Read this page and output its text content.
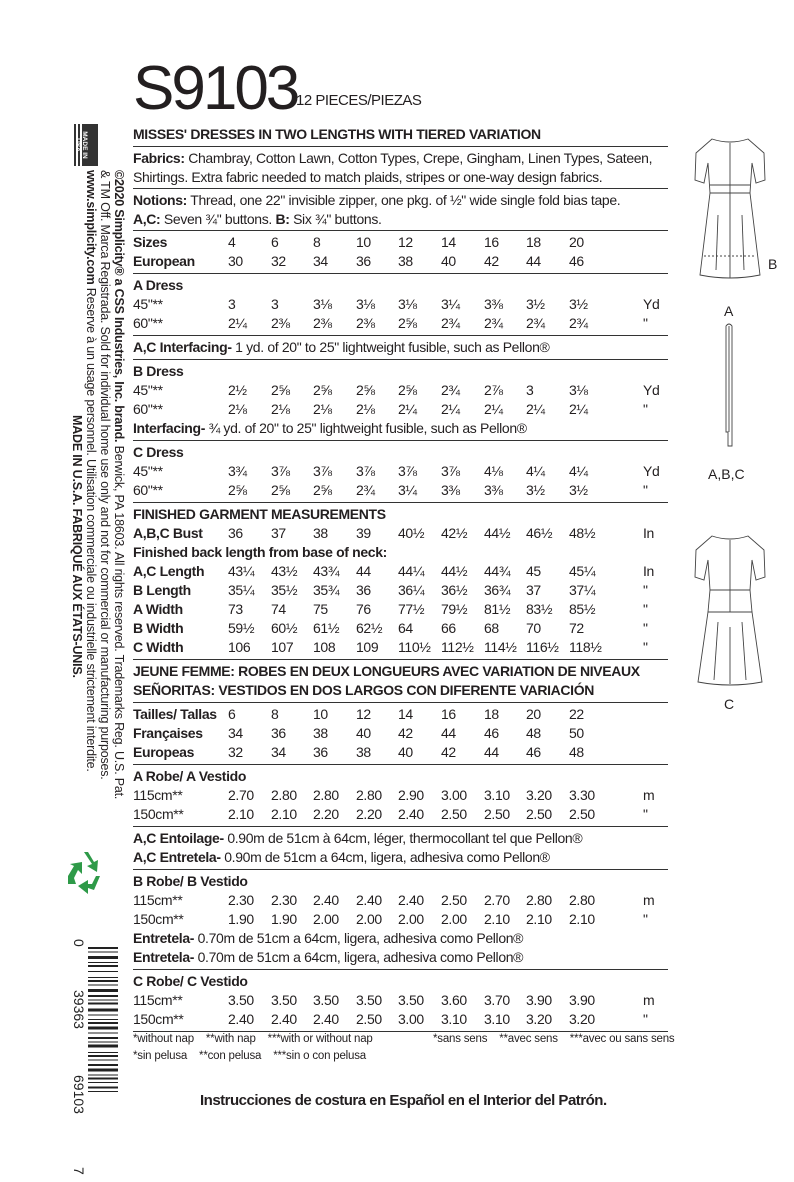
S9103
12 PIECES/PIEZAS
MISSES' DRESSES IN TWO LENGTHS WITH TIERED VARIATION
Fabrics: Chambray, Cotton Lawn, Cotton Types, Crepe, Gingham, Linen Types, Sateen, Shirtings. Extra fabric needed to match plaids, stripes or one-way design fabrics.
Notions: Thread, one 22" invisible zipper, one pkg. of ½" wide single fold bias tape.
A,C: Seven ¾" buttons. B: Six ¾" buttons.
Sizes	4	6	8	10	12	14	16	18	20
European 30	32	34	36	38	40	42	44	46
A Dress
45"**	3	3	3⅛	3⅛	3⅛	3¼	3⅜	3½	3½	Yd
60"**	2¼	2⅜	2⅜	2⅜	2⅝	2¾	2¾	2¾	2¾	"
A,C Interfacing- 1 yd. of 20" to 25" lightweight fusible, such as Pellon®
B Dress
45"**	2½	2⅝	2⅝	2⅝	2⅝	2¾	2⅞	3	3⅛	Yd
60"**	2⅛	2⅛	2⅛	2⅛	2¼	2¼	2¼	2¼	2¼	"
Interfacing- ¾ yd. of 20" to 25" lightweight fusible, such as Pellon®
C Dress
45"**	3¾	3⅞	3⅞	3⅞	3⅞	3⅞	4⅛	4¼	4¼	Yd
60"**	2⅝	2⅝	2⅝	2¾	3¼	3⅜	3⅜	3½	3½	"
FINISHED GARMENT MEASUREMENTS
A,B,C Bust 36	37	38	39	40½	42½	44½	46½	48½	In
Finished back length from base of neck:
A,C Length 43¼	43½	43¾	44	44¼	44½	44¾	45	45¼	In
B Length	35¼	35½	35¾	36	36¼	36½	36¾	37	37¼	"
A Width	73	74	75	76	77½	79½	81½	83½	85½	"
B Width	59½	60½	61½	62½	64	66	68	70	72	"
C Width	106	107	108	109	110½ 112½ 114½ 116½ 118½	"
JEUNE FEMME: ROBES EN DEUX LONGUEURS AVEC VARIATION DE NIVEAUX
SEÑORITAS: VESTIDOS EN DOS LARGOS CON DIFERENTE VARIACIÓN
Tailles/ Tallas 6	8	10	12	14	16	18	20	22
Françaises 34	36	38	40	42	44	46	48	50
Europeas 32	34	36	38	40	42	44	46	48
A Robe/ A Vestido
115cm**	2.70	2.80	2.80	2.80	2.90	3.00	3.10	3.20	3.30	m
150cm**	2.10	2.10	2.20	2.20	2.40	2.50	2.50	2.50	2.50	"
A,C Entoilage- 0.90m de 51cm à 64cm, léger, thermocollant tel que Pellon®
A,C Entretela- 0.90m de 51cm a 64cm, ligera, adhesiva como Pellon®
B Robe/ B Vestido
115cm**	2.30	2.30	2.40	2.40	2.40	2.50	2.70	2.80	2.80	m
150cm**	1.90	1.90	2.00	2.00	2.00	2.00	2.10	2.10	2.10	"
Entretela- 0.70m de 51cm a 64cm, ligera, adhesiva como Pellon®
Entretela- 0.70m de 51cm a 64cm, ligera, adhesiva como Pellon®
C Robe/ C Vestido
115cm**	3.50	3.50	3.50	3.50	3.50	3.60	3.70	3.90	3.90	m
150cm**	2.40	2.40	2.40	2.50	3.00	3.10	3.10	3.20	3.20	"
*without nap **with nap ***with or without nap
*sin pelusa **con pelusa ***sin o con pelusa
*sans sens **avec sens ***avec ou sans sens
Instrucciones de costura en Español en el Interior del Patrón.
B
A
A,B,C
C
MADE IN USA
©2020 Simplicity® a CSS Industries, Inc. brand. Berwick, PA 18603. All rights reserved. Trademarks Reg. U.S. Pat.
& TM Off. Marca Registrada. Sold for individual home use only and not for commercial or manufacturing purposes.
www.simplicity.com Reserve à un usage personnel. Utilisation commerciale ou industrielle strictement interdite.
MADE IN U.S.A. FABRIQUÉ AUX ÉTATS-UNIS.
0
39363
69103
7
